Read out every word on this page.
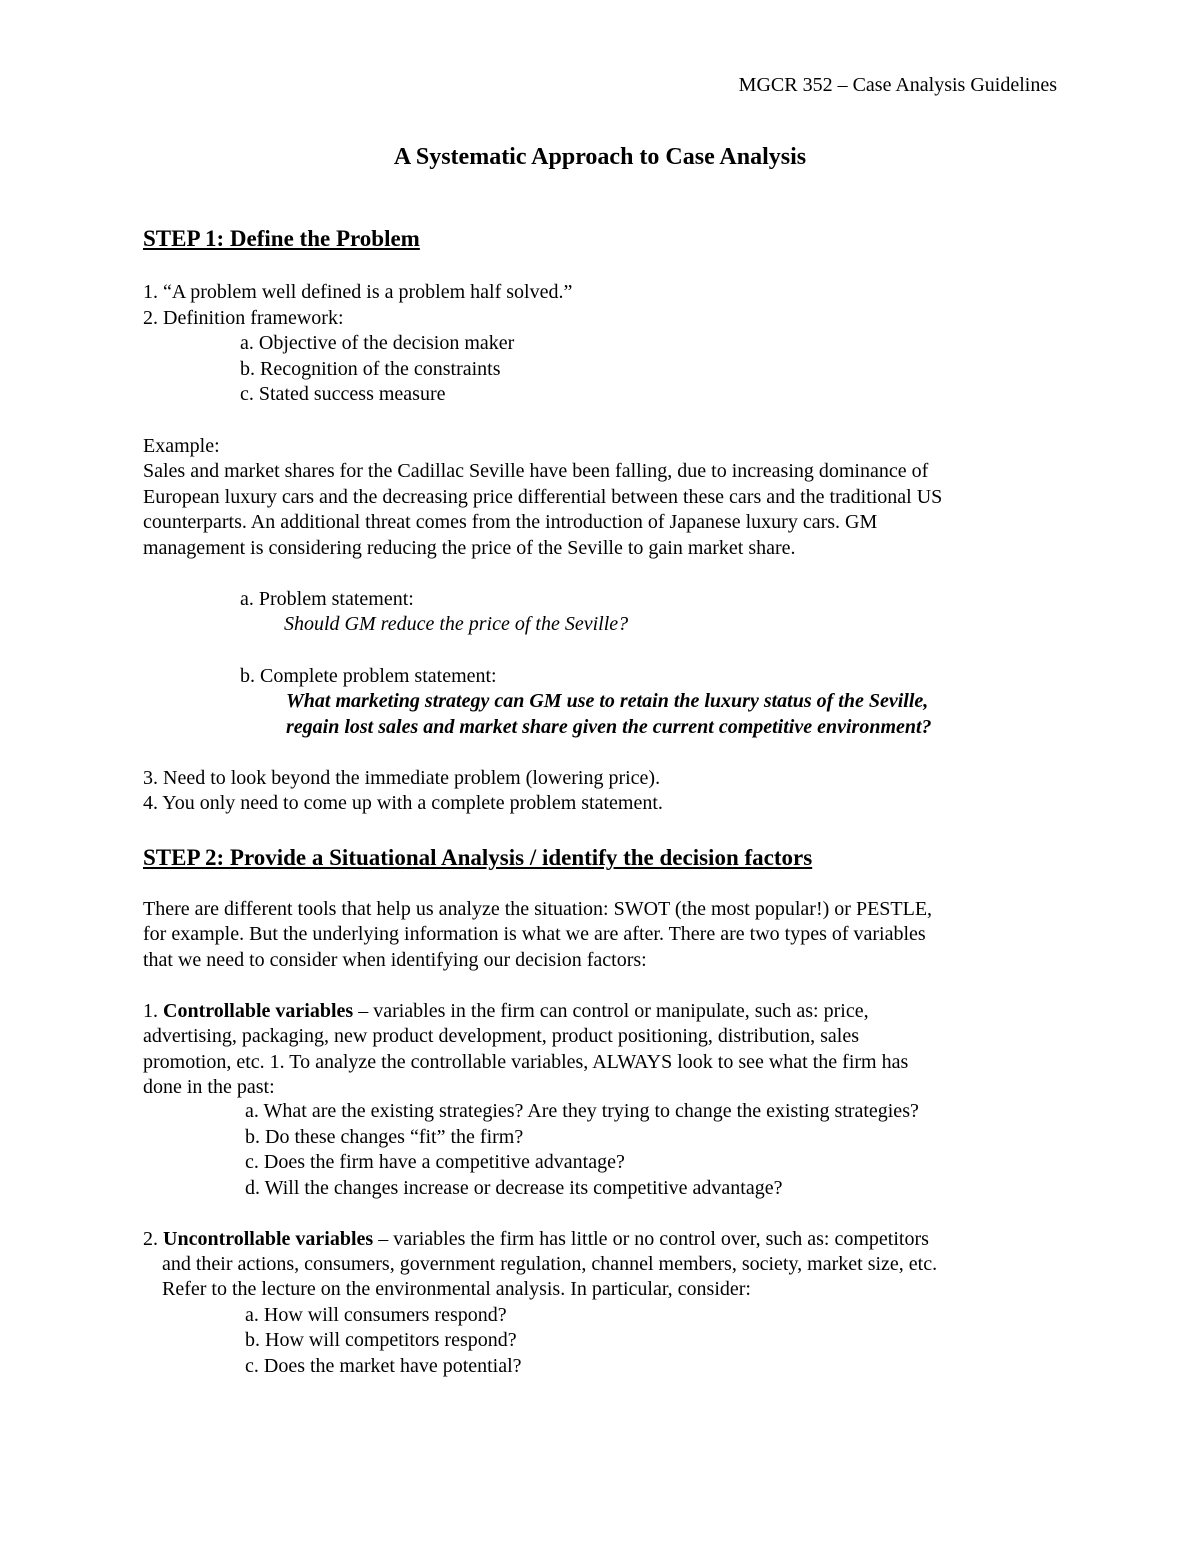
MGCR 352 – Case Analysis Guidelines
A Systematic Approach to Case Analysis
STEP 1: Define the Problem
1. “A problem well defined is a problem half solved.”
2. Definition framework:
a. Objective of the decision maker
b. Recognition of the constraints
c. Stated success measure
Example:
Sales and market shares for the Cadillac Seville have been falling, due to increasing dominance of
European luxury cars and the decreasing price differential between these cars and the traditional US
counterparts. An additional threat comes from the introduction of Japanese luxury cars. GM
management is considering reducing the price of the Seville to gain market share.
a. Problem statement:
Should GM reduce the price of the Seville?
b. Complete problem statement:
What marketing strategy can GM use to retain the luxury status of the Seville,
regain lost sales and market share given the current competitive environment?
3. Need to look beyond the immediate problem (lowering price).
4. You only need to come up with a complete problem statement.
STEP 2: Provide a Situational Analysis / identify the decision factors
There are different tools that help us analyze the situation: SWOT (the most popular!) or PESTLE,
for example. But the underlying information is what we are after. There are two types of variables
that we need to consider when identifying our decision factors:
1. Controllable variables – variables in the firm can control or manipulate, such as: price,
advertising, packaging, new product development, product positioning, distribution, sales
promotion, etc. 1. To analyze the controllable variables, ALWAYS look to see what the firm has
done in the past:
a. What are the existing strategies? Are they trying to change the existing strategies?
b. Do these changes “fit” the firm?
c. Does the firm have a competitive advantage?
d. Will the changes increase or decrease its competitive advantage?
2. Uncontrollable variables – variables the firm has little or no control over, such as: competitors
and their actions, consumers, government regulation, channel members, society, market size, etc.
Refer to the lecture on the environmental analysis. In particular, consider:
a. How will consumers respond?
b. How will competitors respond?
c. Does the market have potential?
